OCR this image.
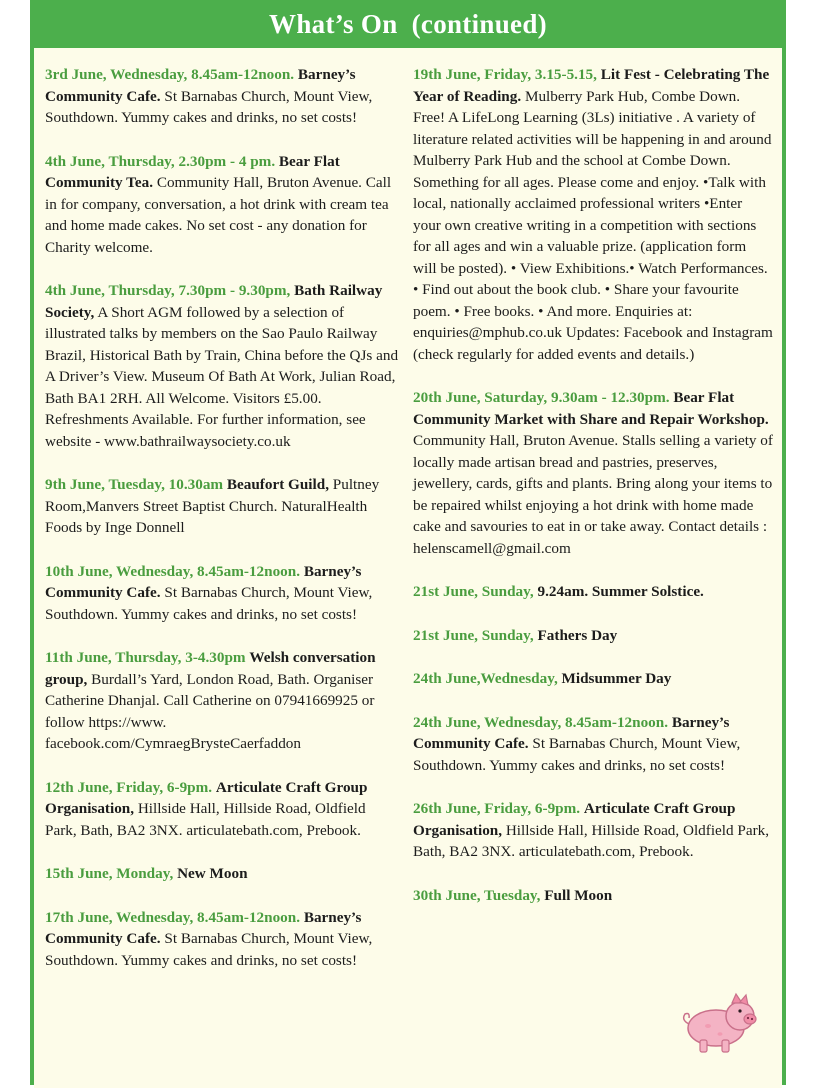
What’s On  (continued)
3rd June, Wednesday, 8.45am-12noon. Barney’s Community Cafe. St Barnabas Church, Mount View, Southdown. Yummy cakes and drinks, no set costs!
4th June, Thursday, 2.30pm - 4 pm. Bear Flat Community Tea. Community Hall, Bruton Avenue. Call in for company, conversation, a hot drink with cream tea and home made cakes. No set cost - any donation for Charity welcome.
4th June, Thursday, 7.30pm - 9.30pm, Bath Railway Society, A Short AGM followed by a selection of illustrated talks by members on the Sao Paulo Railway Brazil, Historical Bath by Train, China before the QJs and A Driver’s View. Museum Of Bath At Work, Julian Road, Bath BA1 2RH. All Welcome. Visitors £5.00. Refreshments Available. For further information, see website - www.bathrailwaysociety.co.uk
9th June, Tuesday, 10.30am Beaufort Guild, Pultney Room,Manvers Street Baptist Church. NaturalHealth Foods by Inge Donnell
10th June, Wednesday, 8.45am-12noon. Barney’s Community Cafe. St Barnabas Church, Mount View, Southdown. Yummy cakes and drinks, no set costs!
11th June, Thursday, 3-4.30pm Welsh conversation group, Burdall’s Yard, London Road, Bath. Organiser Catherine Dhanjal. Call Catherine on 07941669925 or follow https://www. facebook.com/CymraegBrysteCaerfaddon
12th June, Friday, 6-9pm. Articulate Craft Group Organisation, Hillside Hall, Hillside Road, Oldfield Park, Bath, BA2 3NX. articulatebath.com, Prebook.
15th June, Monday, New Moon
17th June, Wednesday, 8.45am-12noon. Barney’s Community Cafe. St Barnabas Church, Mount View, Southdown. Yummy cakes and drinks, no set costs!
19th June, Friday, 3.15-5.15, Lit Fest - Celebrating The Year of Reading. Mulberry Park Hub, Combe Down. Free! A LifeLong Learning (3Ls) initiative . A variety of literature related activities will be happening in and around Mulberry Park Hub and the school at Combe Down. Something for all ages. Please come and enjoy. •Talk with local, nationally acclaimed professional writers •Enter your own creative writing in a competition with sections for all ages and win a valuable prize. (application form will be posted). • View Exhibitions.• Watch Performances. • Find out about the book club. • Share your favourite poem. • Free books. • And more. Enquiries at: enquiries@mphub.co.uk Updates: Facebook and Instagram (check regularly for added events and details.)
20th June, Saturday, 9.30am - 12.30pm. Bear Flat Community Market with Share and Repair Workshop. Community Hall, Bruton Avenue. Stalls selling a variety of locally made artisan bread and pastries, preserves, jewellery, cards, gifts and plants. Bring along your items to be repaired whilst enjoying a hot drink with home made cake and savouries to eat in or take away. Contact details : helenscamell@gmail.com
21st June, Sunday, 9.24am. Summer Solstice.
21st June, Sunday, Fathers Day
24th June,Wednesday, Midsummer Day
24th June, Wednesday, 8.45am-12noon. Barney’s Community Cafe. St Barnabas Church, Mount View, Southdown. Yummy cakes and drinks, no set costs!
26th June, Friday, 6-9pm. Articulate Craft Group Organisation, Hillside Hall, Hillside Road, Oldfield Park, Bath, BA2 3NX. articulatebath.com, Prebook.
30th June, Tuesday, Full Moon
